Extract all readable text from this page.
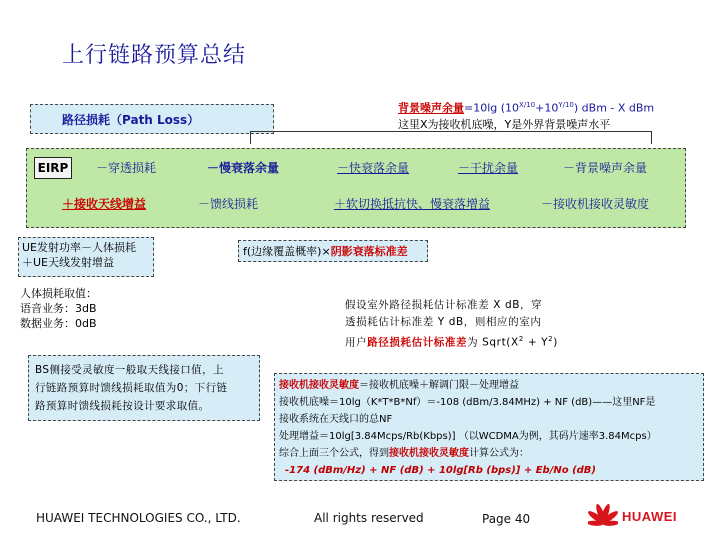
上行链路预算总结
背景噪声余量=10lg $(10^{X/10}+10^{Y/10})$ dBm - X dBm
这里X为接收机底噪，Y是外界背景噪声水平
路径损耗（Path Loss）
EIRP	－穿透损耗	－慢衰落余量	－快衰落余量	－干扰余量	－背景噪声余量
＋接收天线增益	－馈线损耗	＋软切换抵抗快、慢衰落增益	－接收机接收灵敏度
UE发射功率－人体损耗
＋UE天线发射增益
f(边缘覆盖概率)×阴影衰落标准差
人体损耗取值：
语音业务：3dB
数据业务：0dB
假设室外路径损耗估计标准差 X dB，穿
透损耗估计标准差 Y dB，则相应的室内
用户路径损耗估计标准差为 $Sqrt(X^2 + Y^2)$
BS侧接受灵敏度一般取天线接口值，上
行链路预算时馈线损耗取值为0；下行链
路预算时馈线损耗按设计要求取值。
接收机接收灵敏度＝接收机底噪＋解调门限－处理增益
接收机底噪＝10lg（K*T*B*Nf）＝-108 (dBm/3.84MHz) + NF (dB)——这里NF是
接收系统在天线口的总NF
处理增益＝10lg[3.84Mcps/Rb(Kbps)] （以WCDMA为例，其码片速率3.84Mcps）
综合上面三个公式，得到接收机接收灵敏度计算公式为：
-174 (dBm/Hz) + NF (dB) + 10lg[Rb (bps)] + Eb/No (dB)
HUAWEI TECHNOLOGIES CO., LTD.	All rights reserved	Page 40	HUAWEI
